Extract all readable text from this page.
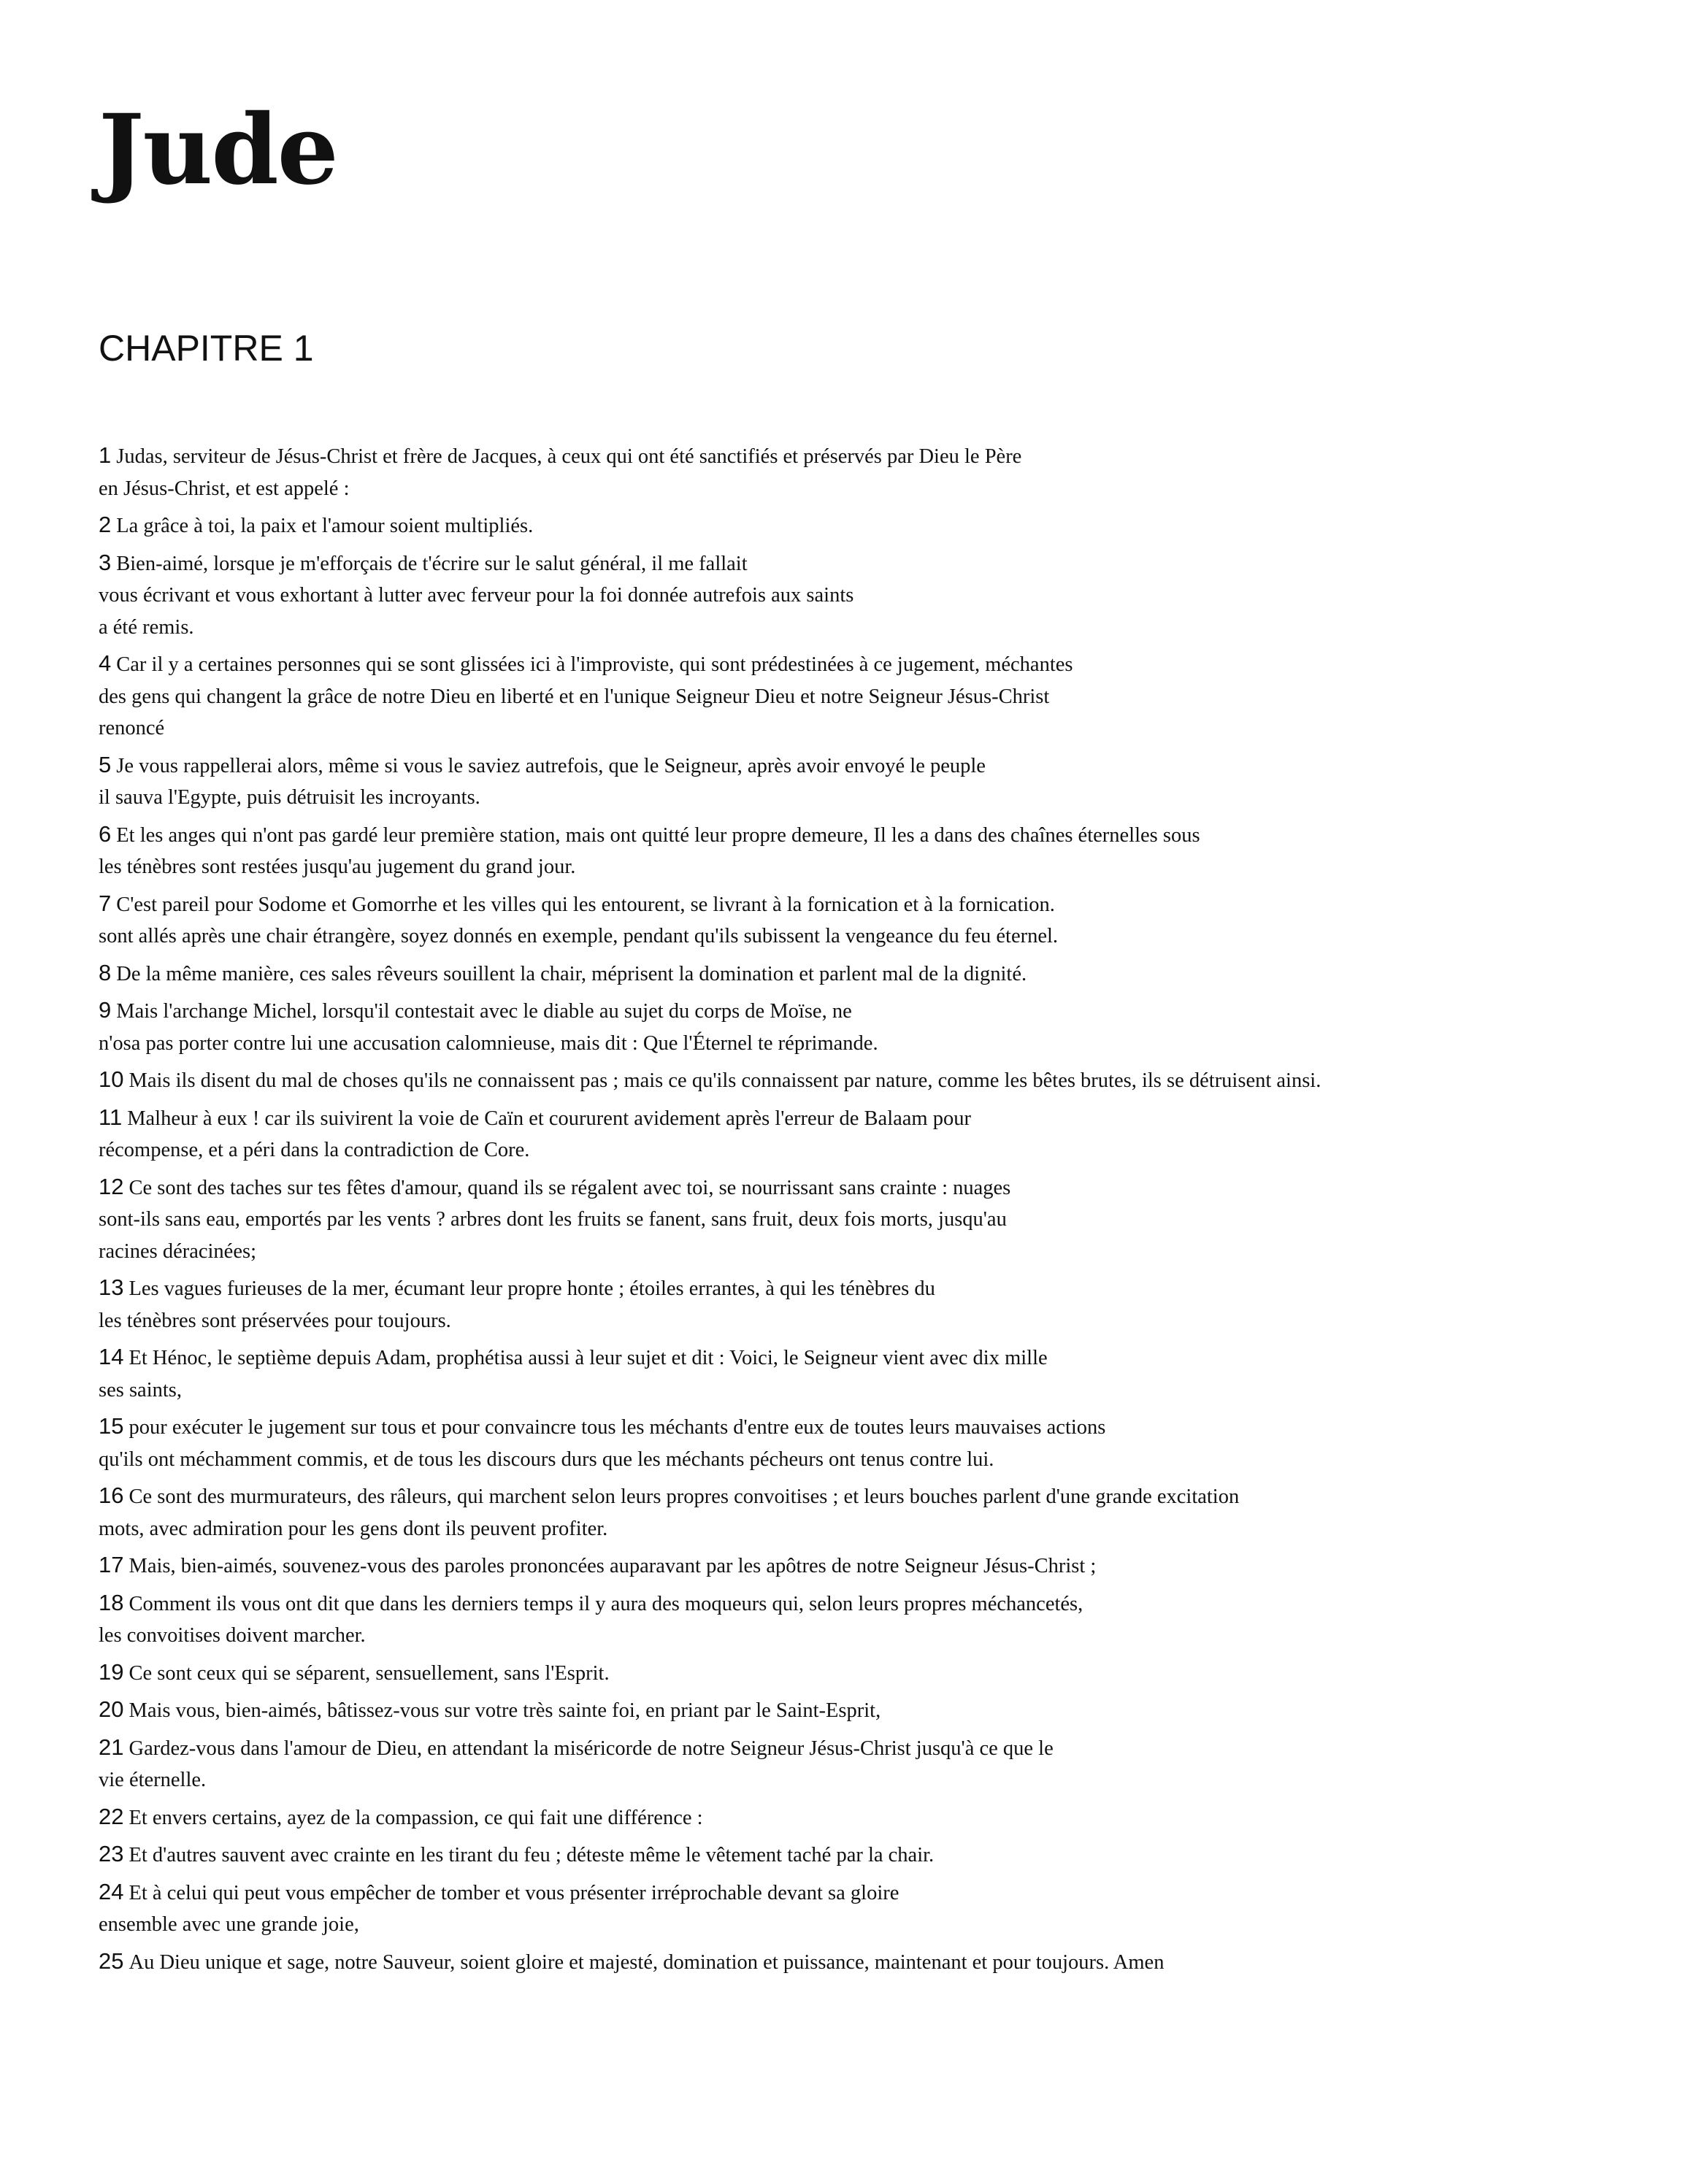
Jude
CHAPITRE 1
1 Judas, serviteur de Jésus-Christ et frère de Jacques, à ceux qui ont été sanctifiés et préservés par Dieu le Père
en Jésus-Christ, et est appelé :
2 La grâce à toi, la paix et l'amour soient multipliés.
3 Bien-aimé, lorsque je m'efforçais de t'écrire sur le salut général, il me fallait
vous écrivant et vous exhortant à lutter avec ferveur pour la foi donnée autrefois aux saints
a été remis.
4 Car il y a certaines personnes qui se sont glissées ici à l'improviste, qui sont prédestinées à ce jugement, méchantes
des gens qui changent la grâce de notre Dieu en liberté et en l'unique Seigneur Dieu et notre Seigneur Jésus-Christ
renoncé
5 Je vous rappellerai alors, même si vous le saviez autrefois, que le Seigneur, après avoir envoyé le peuple
il sauva l'Egypte, puis détruisit les incroyants.
6 Et les anges qui n'ont pas gardé leur première station, mais ont quitté leur propre demeure, Il les a dans des chaînes éternelles sous
les ténèbres sont restées jusqu'au jugement du grand jour.
7 C'est pareil pour Sodome et Gomorrhe et les villes qui les entourent, se livrant à la fornication et à la fornication.
sont allés après une chair étrangère, soyez donnés en exemple, pendant qu'ils subissent la vengeance du feu éternel.
8 De la même manière, ces sales rêveurs souillent la chair, méprisent la domination et parlent mal de la dignité.
9 Mais l'archange Michel, lorsqu'il contestait avec le diable au sujet du corps de Moïse, ne
n'osa pas porter contre lui une accusation calomnieuse, mais dit : Que l'Éternel te réprimande.
10 Mais ils disent du mal de choses qu'ils ne connaissent pas ; mais ce qu'ils connaissent par nature, comme les bêtes brutes, ils se détruisent ainsi.
11 Malheur à eux ! car ils suivirent la voie de Caïn et coururent avidement après l'erreur de Balaam pour
récompense, et a péri dans la contradiction de Core.
12 Ce sont des taches sur tes fêtes d'amour, quand ils se régalent avec toi, se nourrissant sans crainte : nuages
sont-ils sans eau, emportés par les vents ? arbres dont les fruits se fanent, sans fruit, deux fois morts, jusqu'au
racines déracinées;
13 Les vagues furieuses de la mer, écumant leur propre honte ; étoiles errantes, à qui les ténèbres du
les ténèbres sont préservées pour toujours.
14 Et Hénoc, le septième depuis Adam, prophétisa aussi à leur sujet et dit : Voici, le Seigneur vient avec dix mille
ses saints,
15 pour exécuter le jugement sur tous et pour convaincre tous les méchants d'entre eux de toutes leurs mauvaises actions
qu'ils ont méchamment commis, et de tous les discours durs que les méchants pécheurs ont tenus contre lui.
16 Ce sont des murmurateurs, des râleurs, qui marchent selon leurs propres convoitises ; et leurs bouches parlent d'une grande excitation
mots, avec admiration pour les gens dont ils peuvent profiter.
17 Mais, bien-aimés, souvenez-vous des paroles prononcées auparavant par les apôtres de notre Seigneur Jésus-Christ ;
18 Comment ils vous ont dit que dans les derniers temps il y aura des moqueurs qui, selon leurs propres méchancetés,
les convoitises doivent marcher.
19 Ce sont ceux qui se séparent, sensuellement, sans l'Esprit.
20 Mais vous, bien-aimés, bâtissez-vous sur votre très sainte foi, en priant par le Saint-Esprit,
21 Gardez-vous dans l'amour de Dieu, en attendant la miséricorde de notre Seigneur Jésus-Christ jusqu'à ce que le
vie éternelle.
22 Et envers certains, ayez de la compassion, ce qui fait une différence :
23 Et d'autres sauvent avec crainte en les tirant du feu ; déteste même le vêtement taché par la chair.
24 Et à celui qui peut vous empêcher de tomber et vous présenter irréprochable devant sa gloire
ensemble avec une grande joie,
25 Au Dieu unique et sage, notre Sauveur, soient gloire et majesté, domination et puissance, maintenant et pour toujours. Amen
